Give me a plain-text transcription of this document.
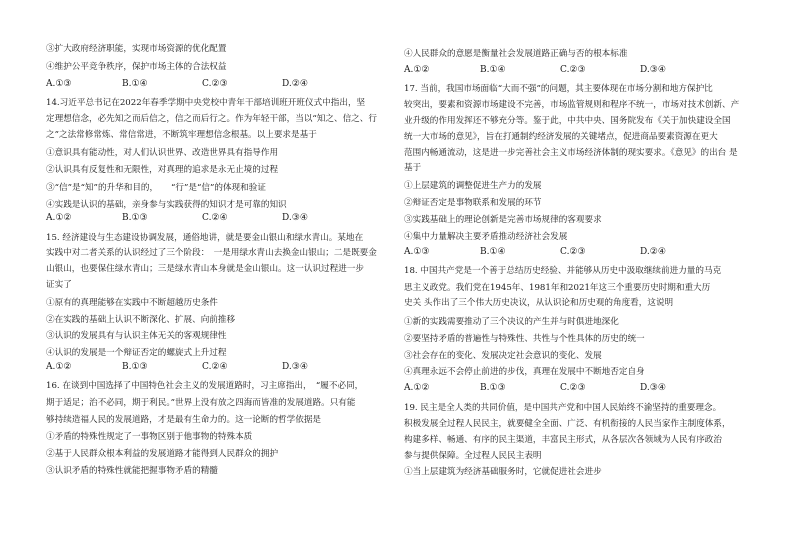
③扩大政府经济职能，实现市场资源的优化配置
④维护公平竞争秩序，保护市场主体的合法权益
A.①③	B.①④	C.②③	D.②④
14.习近平总书记在2022年春季学期中央党校中青年干部培训班开班仪式中指出，坚
定理想信念，必先知之而后信之，信之而后行之。作为年轻干部，当以“知之、信之、行
之”之法常修常炼、常信常进，不断筑牢理想信念根基。以上要求是基于
①意识具有能动性，对人们认识世界、改造世界具有指导作用
②认识具有反复性和无限性，对真理的追求是永无止境的过程
③“信”是“知”的升华和目的，　　“行”是“信”的体现和验证
④实践是认识的基础，亲身参与实践获得的知识才是可靠的知识
A.①②	B.①③	C.②④	D.③④
15. 经济建设与生态建设协调发展，通俗地讲，就是要金山银山和绿水青山。某地在
实践中对二者关系的认识经过了三个阶段：　一是用绿水青山去换金山银山；二是既要金
山银山，也要保住绿水青山；三是绿水青山本身就是金山银山。这一认识过程进一步
证实了
①原有的真理能够在实践中不断超越历史条件
②在实践的基础上认识不断深化、扩展、向前推移
③认识的发展具有与认识主体无关的客观规律性
④认识的发展是一个辩证否定的螺旋式上升过程
A.①②	B.①③	C.②④	D.③④
16. 在谈到中国选择了中国特色社会主义的发展道路时，习主席指出，　“履不必同，
期于适足；治不必同，期于利民。”世界上没有放之四海而皆准的发展道路。只有能
够持续造福人民的发展道路，才是最有生命力的。这一论断的哲学依据是
①矛盾的特殊性规定了一事物区别于他事物的特殊本质
②基于人民群众根本利益的发展道路才能得到人民群众的拥护
③认识矛盾的特殊性就能把握事物矛盾的精髓
④人民群众的意愿是衡量社会发展道路正确与否的根本标准
A.①②	B.①④	C.②③	D.③④
17. 当前，我国市场面临“大而不强”的问题，其主要体现在市场分割和地方保护比
较突出，要素和资源市场建设不完善，市场监管规则和程序不统一，市场对技术创新、产
业升级的作用发挥还不够充分等。鉴于此，中共中央、国务院发布《关于加快建设全国
统一大市场的意见》，旨在打通制约经济发展的关键堵点，促进商品要素资源在更大
范围内畅通流动，这是进一步完善社会主义市场经济体制的现实要求。《意见》的出台 是
基于
①上层建筑的调整促进生产力的发展
②辩证否定是事物联系和发展的环节
③实践基础上的理论创新是完善市场规律的客观要求
④集中力量解决主要矛盾推动经济社会发展
A.①③	B.①④	C.②③	D.②④
18. 中国共产党是一个善于总结历史经验、并能够从历史中汲取继续前进力量的马克
思主义政党。我们党在1945年、1981年和2021年这三个重要历史时期和重大历
史关 头作出了三个伟大历史决议，从认识论和历史观的角度看，这说明
①新的实践需要推动了三个决议的产生并与时俱进地深化
②要坚持矛盾的普遍性与特殊性、共性与个性具体的历史的统一
③社会存在的变化、发展决定社会意识的变化、发展
④真理永远不会停止前进的步伐，真理在发展中不断地否定自身
A.①②	B.①③	C.②③	D.③④
19. 民主是全人类的共同价值，是中国共产党和中国人民始终不渝坚持的重要理念。
积极发展全过程人民民主，就要健全全面、广泛、有机衔接的人民当家作主制度体系，
构建多样、畅通、有序的民主渠道，丰富民主形式，从各层次各领域为人民有序政治
参与提供保障。全过程人民民主表明
①当上层建筑为经济基础服务时，它就促进社会进步
